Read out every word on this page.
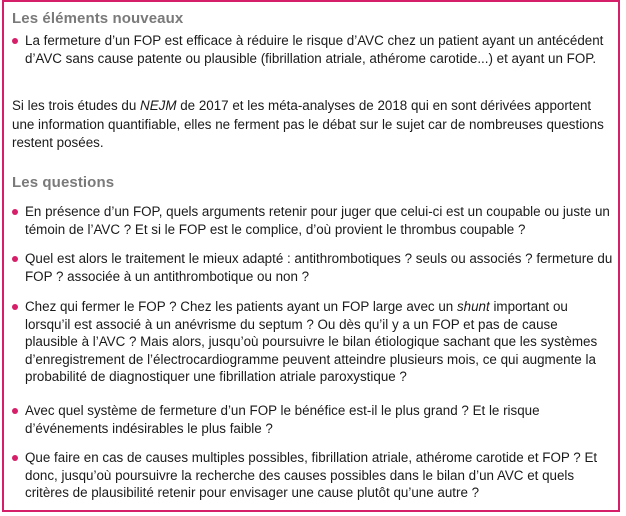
Les éléments nouveaux
La fermeture d’un FOP est efficace à réduire le risque d’AVC chez un patient ayant un antécédent d’AVC sans cause patente ou plausible (fibrillation atriale, athérome carotide...) et ayant un FOP.
Si les trois études du NEJM de 2017 et les méta-analyses de 2018 qui en sont dérivées apportent une information quantifiable, elles ne ferment pas le débat sur le sujet car de nombreuses questions restent posées.
Les questions
En présence d’un FOP, quels arguments retenir pour juger que celui-ci est un coupable ou juste un témoin de l’AVC ? Et si le FOP est le complice, d’où provient le thrombus coupable ?
Quel est alors le traitement le mieux adapté : antithrombotiques ? seuls ou associés ? fermeture du FOP ? associée à un antithrombotique ou non ?
Chez qui fermer le FOP ? Chez les patients ayant un FOP large avec un shunt important ou lorsqu’il est associé à un anévrisme du septum ? Ou dès qu’il y a un FOP et pas de cause plausible à l’AVC ? Mais alors, jusqu’où poursuivre le bilan étiologique sachant que les systèmes d’enregistrement de l’électrocardiogramme peuvent atteindre plusieurs mois, ce qui augmente la probabilité de diagnostiquer une fibrillation atriale paroxystique ?
Avec quel système de fermeture d’un FOP le bénéfice est-il le plus grand ? Et le risque d’événements indésirables le plus faible ?
Que faire en cas de causes multiples possibles, fibrillation atriale, athérome carotide et FOP ? Et donc, jusqu’où poursuivre la recherche des causes possibles dans le bilan d’un AVC et quels critères de plausibilité retenir pour envisager une cause plutôt qu’une autre ?
